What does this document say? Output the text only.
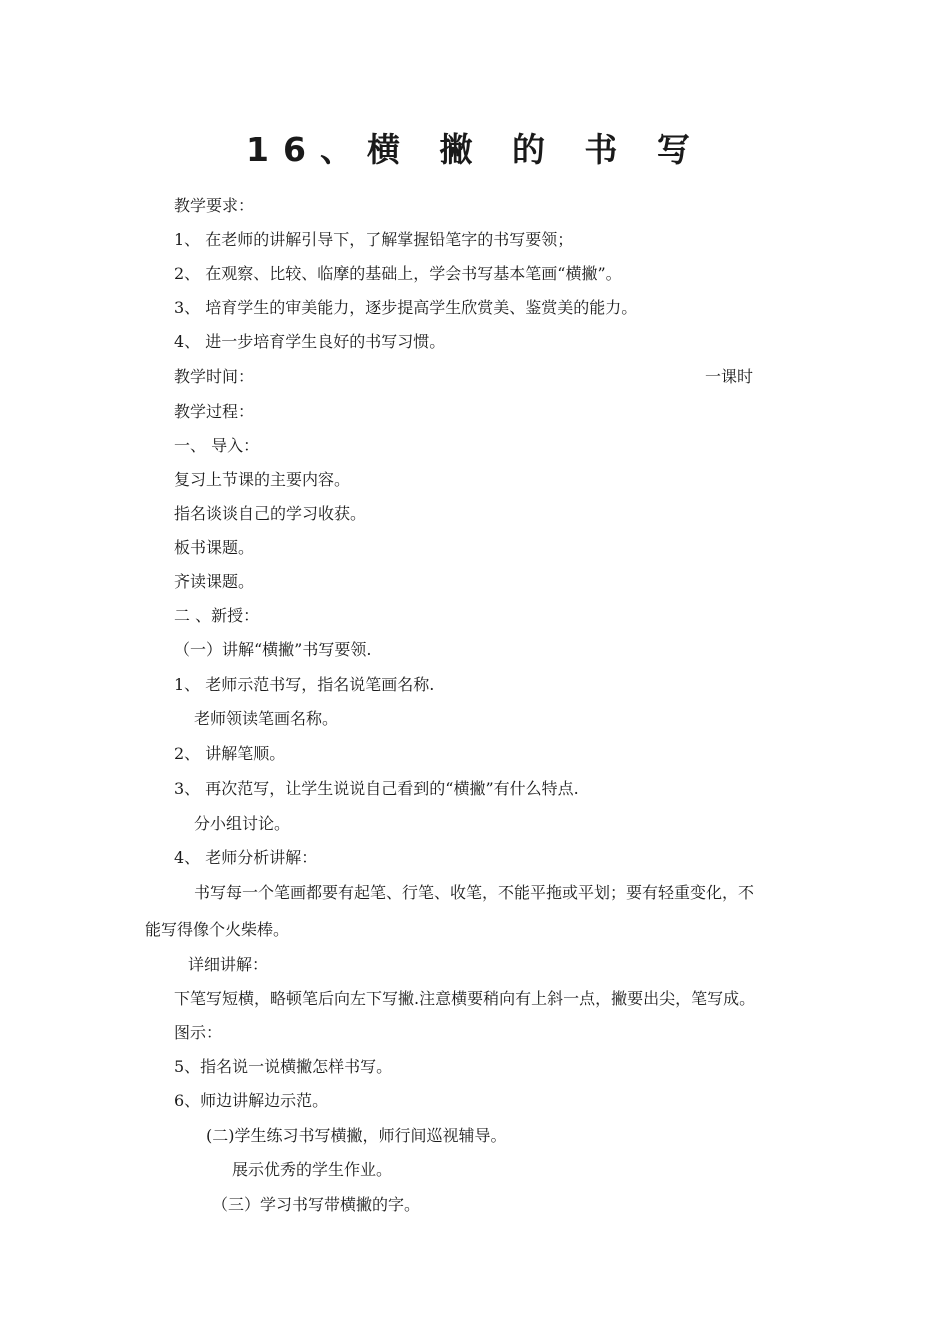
16、横 撇 的 书 写
教学要求：
1、 在老师的讲解引导下，了解掌握铅笔字的书写要领；
2、 在观察、比较、临摩的基础上，学会书写基本笔画“横撇”。
3、 培育学生的审美能力，逐步提高学生欣赏美、鉴赏美的能力。
4、 进一步培育学生良好的书写习惯。
教学时间：	一课时
教学过程：
一、 导入：
复习上节课的主要内容。
指名谈谈自己的学习收获。
板书课题。
齐读课题。
二 、新授：
（一）讲解“横撇”书写要领.
1、 老师示范书写，指名说笔画名称.
老师领读笔画名称。
2、 讲解笔顺。
3、 再次范写，让学生说说自己看到的“横撇”有什么特点.
分小组讨论。
4、 老师分析讲解：
书写每一个笔画都要有起笔、行笔、收笔，不能平拖或平划；要有轻重变化，不
能写得像个火柴棒。
详细讲解：
下笔写短横，略顿笔后向左下写撇.注意横要稍向有上斜一点，撇要出尖，笔写成。
图示：
5、指名说一说横撇怎样书写。
6、师边讲解边示范。
(二)学生练习书写横撇，师行间巡视辅导。
展示优秀的学生作业。
（三）学习书写带横撇的字。
